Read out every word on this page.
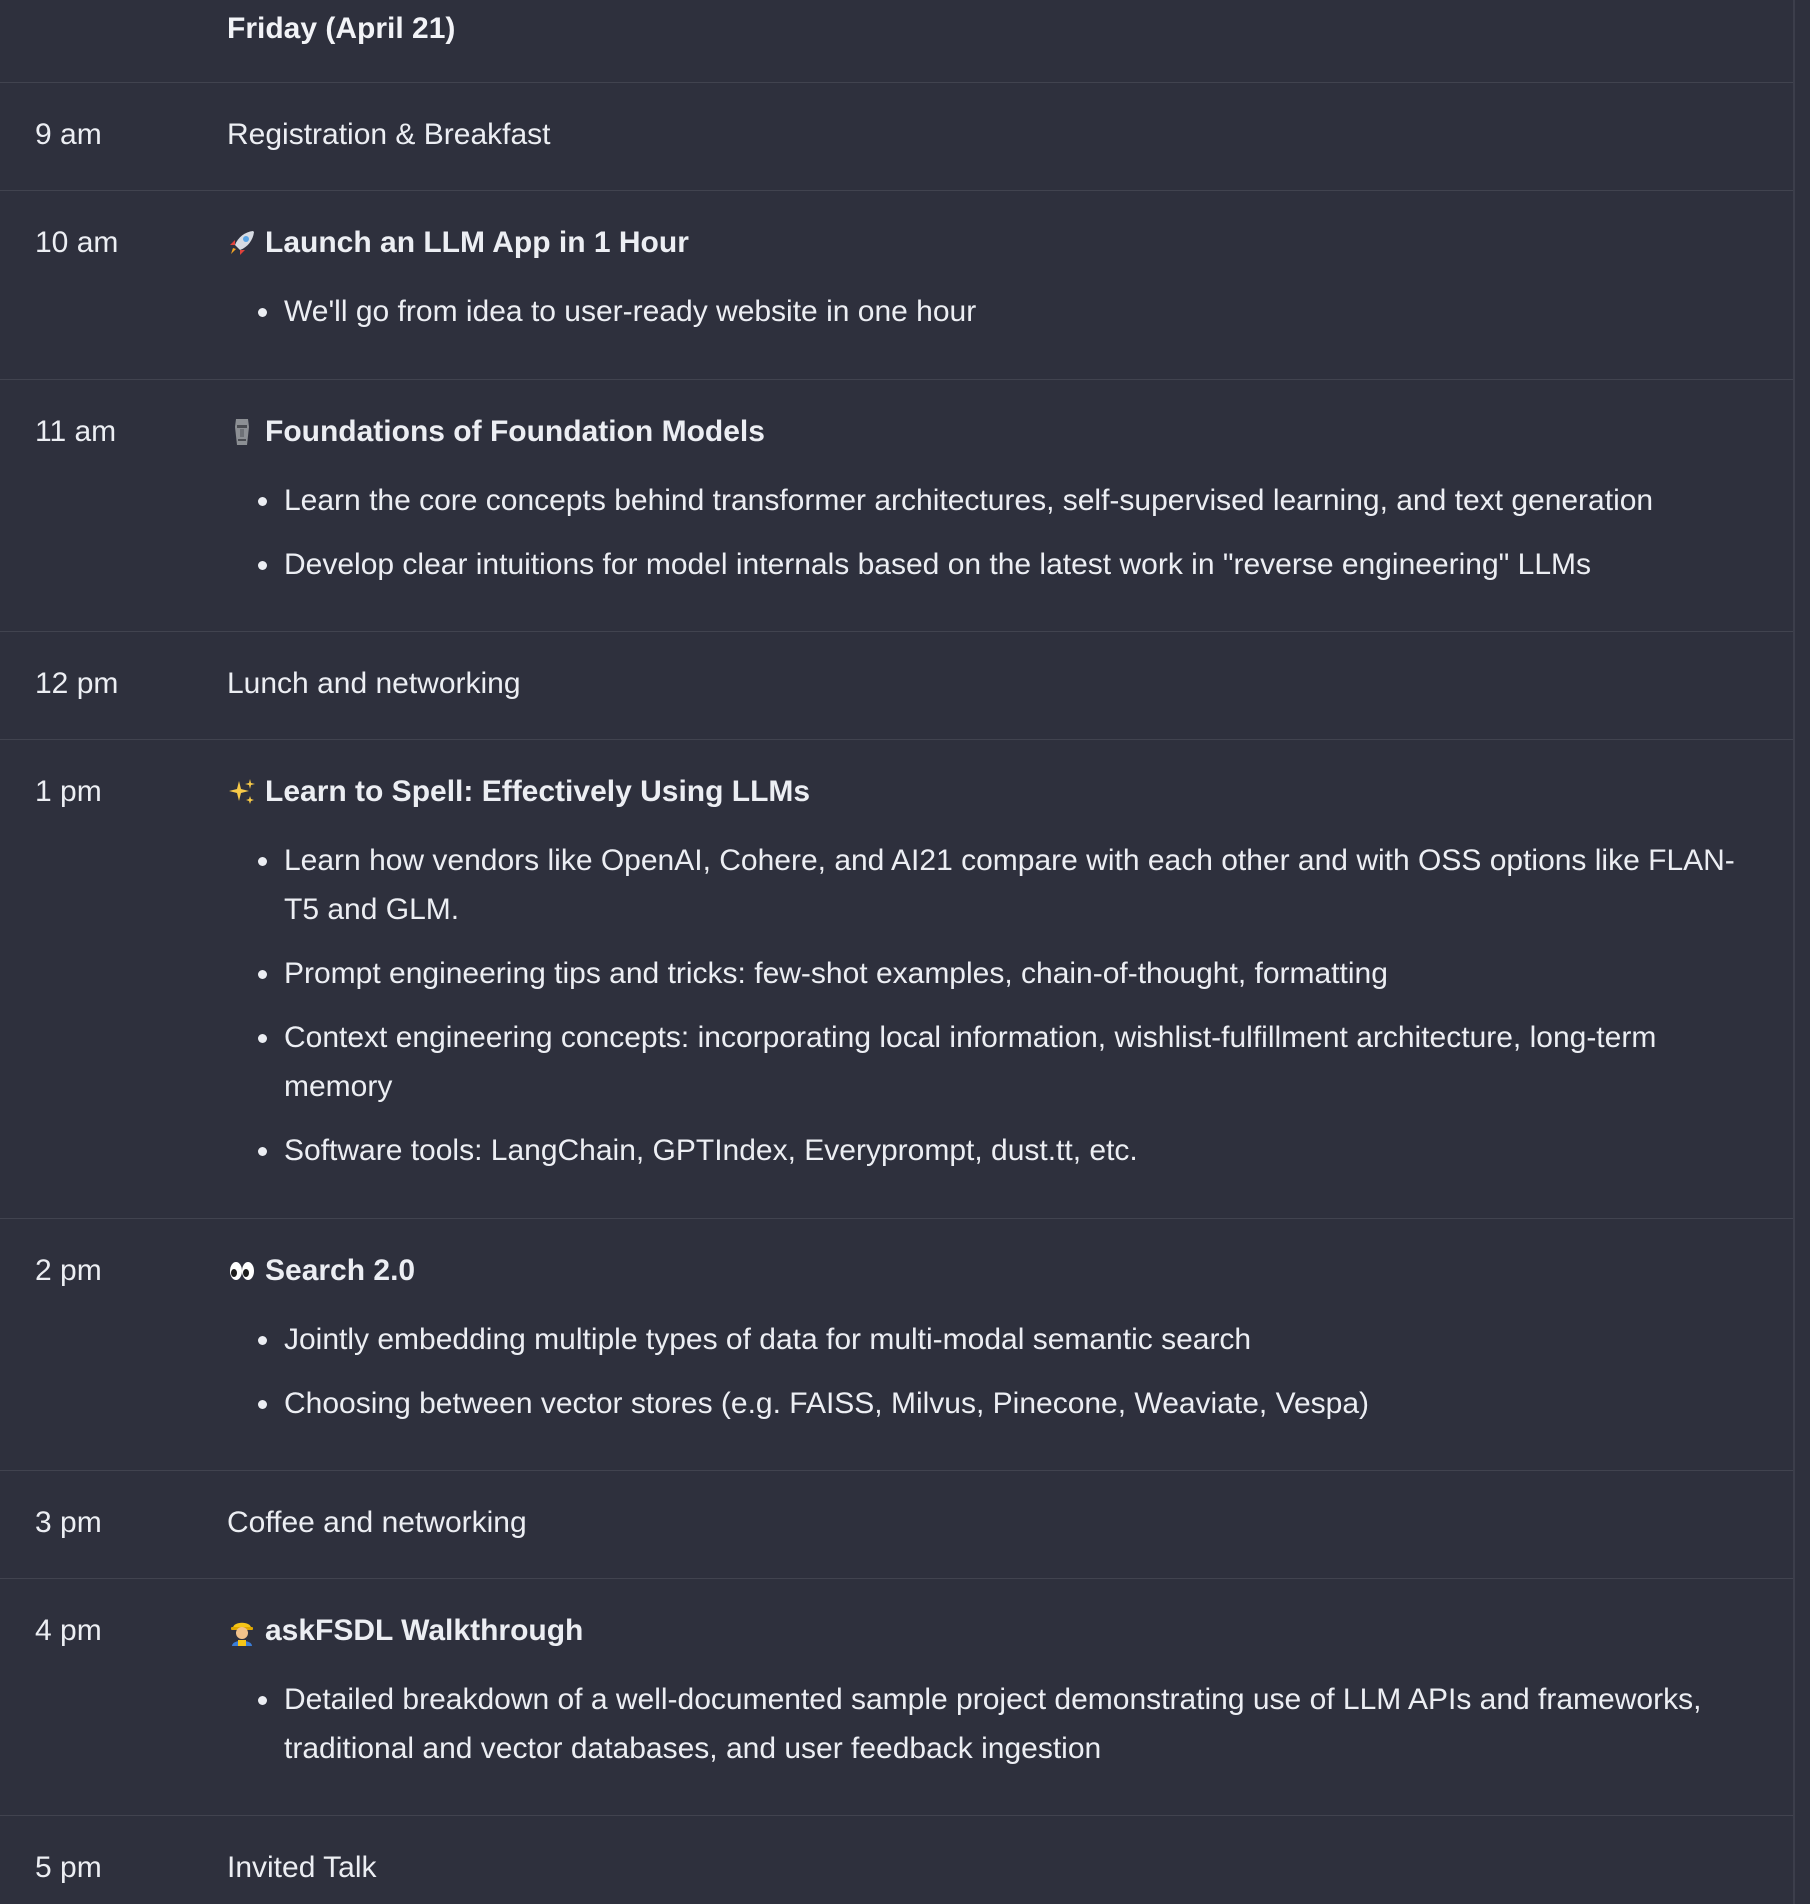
Friday (April 21)
9 am	Registration & Breakfast
10 am	Launch an LLM App in 1 Hour
We'll go from idea to user-ready website in one hour
11 am	Foundations of Foundation Models
Learn the core concepts behind transformer architectures, self-supervised learning, and text generation
Develop clear intuitions for model internals based on the latest work in "reverse engineering" LLMs
12 pm	Lunch and networking
1 pm	Learn to Spell: Effectively Using LLMs
Learn how vendors like OpenAI, Cohere, and AI21 compare with each other and with OSS options like FLAN-T5 and GLM.
Prompt engineering tips and tricks: few-shot examples, chain-of-thought, formatting
Context engineering concepts: incorporating local information, wishlist-fulfillment architecture, long-term memory
Software tools: LangChain, GPTIndex, Everyprompt, dust.tt, etc.
2 pm	Search 2.0
Jointly embedding multiple types of data for multi-modal semantic search
Choosing between vector stores (e.g. FAISS, Milvus, Pinecone, Weaviate, Vespa)
3 pm	Coffee and networking
4 pm	askFSDL Walkthrough
Detailed breakdown of a well-documented sample project demonstrating use of LLM APIs and frameworks, traditional and vector databases, and user feedback ingestion
5 pm	Invited Talk
